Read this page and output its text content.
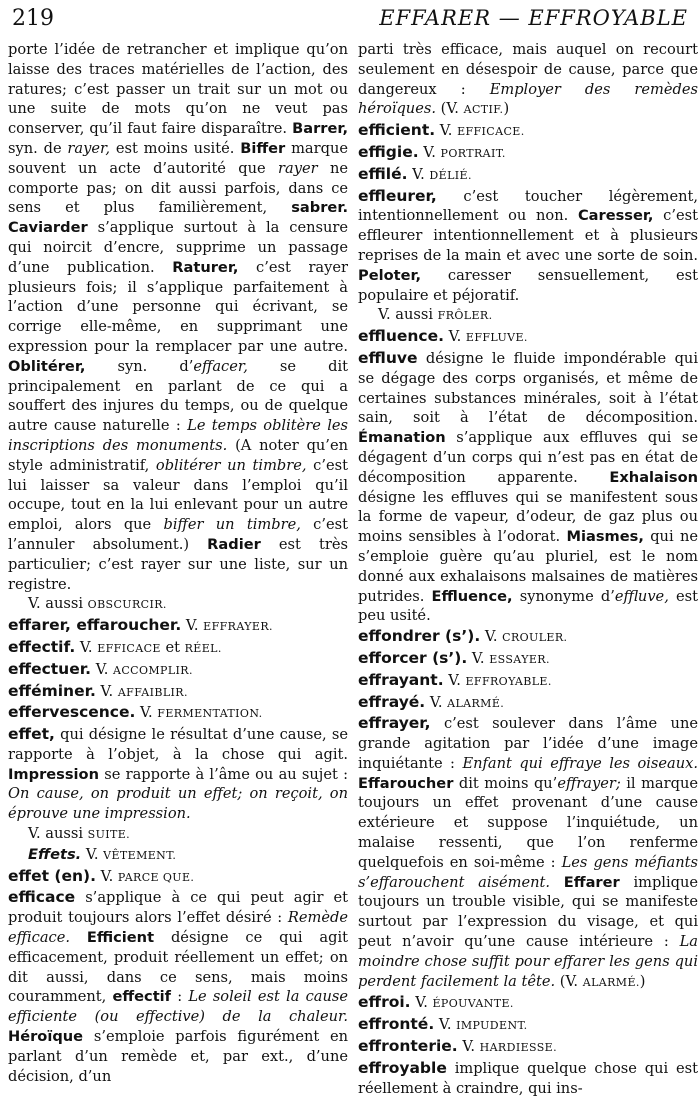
219	EFFARER — EFFROYABLE

porte l’idée de retrancher et implique qu’on laisse des traces matérielles de l’action, des ratures; c’est passer un trait sur un mot ou une suite de mots qu’on ne veut pas conserver, qu’il faut faire disparaître. Barrer, syn. de rayer, est moins usité. Biffer marque souvent un acte d’autorité que rayer ne comporte pas; on dit aussi parfois, dans ce sens et plus familièrement, sabrer. Caviarder s’applique surtout à la censure qui noircit d’encre, supprime un passage d’une publication. Raturer, c’est rayer plusieurs fois; il s’applique parfaitement à l’action d’une personne qui écrivant, se corrige elle-même, en supprimant une expression pour la remplacer par une autre. Oblitérer, syn. d’effacer, se dit principalement en parlant de ce qui a souffert des injures du temps, ou de quelque autre cause naturelle : Le temps oblitère les inscriptions des monuments. (A noter qu’en style administratif, oblitérer un timbre, c’est lui laisser sa valeur dans l’emploi qu’il occupe, tout en la lui enlevant pour un autre emploi, alors que biffer un timbre, c’est l’annuler absolument.) Radier est très particulier; c’est rayer sur une liste, sur un registre.
V. aussi OBSCURCIR.

effarer, effaroucher. V. EFFRAYER.

effectif. V. EFFICACE et RÉEL.

effectuer. V. ACCOMPLIR.

efféminer. V. AFFAIBLIR.

effervescence. V. FERMENTATION.

effet, qui désigne le résultat d’une cause, se rapporte à l’objet, à la chose qui agit. Impression se rapporte à l’âme ou au sujet : On cause, on produit un effet; on reçoit, on éprouve une impression.
V. aussi SUITE.
Effets. V. VÊTEMENT.

effet (en). V. PARCE QUE.

efficace s’applique à ce qui peut agir et produit toujours alors l’effet désiré : Remède efficace. Efficient désigne ce qui agit efficacement, produit réellement un effet; on dit aussi, dans ce sens, mais moins couramment, effectif : Le soleil est la cause efficiente (ou effective) de la chaleur. Héroïque s’emploie parfois figurément en parlant d’un remède et, par ext., d’une décision, d’un

parti très efficace, mais auquel on recourt seulement en désespoir de cause, parce que dangereux : Employer des remèdes héroïques. (V. ACTIF.)

efficient. V. EFFICACE.

effigie. V. PORTRAIT.

effilé. V. DÉLIÉ.

effleurer, c’est toucher légèrement, intentionnellement ou non. Caresser, c’est effleurer intentionnellement et à plusieurs reprises de la main et avec une sorte de soin. Peloter, caresser sensuellement, est populaire et péjoratif.
V. aussi FRÔLER.

effluence. V. EFFLUVE.

effluve désigne le fluide impondérable qui se dégage des corps organisés, et même de certaines substances minérales, soit à l’état sain, soit à l’état de décomposition. Émanation s’applique aux effluves qui se dégagent d’un corps qui n’est pas en état de décomposition apparente. Exhalaison désigne les effluves qui se manifestent sous la forme de vapeur, d’odeur, de gaz plus ou moins sensibles à l’odorat. Miasmes, qui ne s’emploie guère qu’au pluriel, est le nom donné aux exhalaisons malsaines de matières putrides. Effluence, synonyme d’effluve, est peu usité.

effondrer (s’). V. CROULER.

efforcer (s’). V. ESSAYER.

effrayant. V. EFFROYABLE.

effrayé. V. ALARMÉ.

effrayer, c’est soulever dans l’âme une grande agitation par l’idée d’une image inquiétante : Enfant qui effraye les oiseaux. Effaroucher dit moins qu’effrayer; il marque toujours un effet provenant d’une cause extérieure et suppose l’inquiétude, un malaise ressenti, que l’on renferme quelquefois en soi-même : Les gens méfiants s’effarouchent aisément. Effarer implique toujours un trouble visible, qui se manifeste surtout par l’expression du visage, et qui peut n’avoir qu’une cause intérieure : La moindre chose suffit pour effarer les gens qui perdent facilement la tête. (V. ALARMÉ.)

effroi. V. ÉPOUVANTE.

effronté. V. IMPUDENT.

effronterie. V. HARDIESSE.

effroyable implique quelque chose qui est réellement à craindre, qui ins-
